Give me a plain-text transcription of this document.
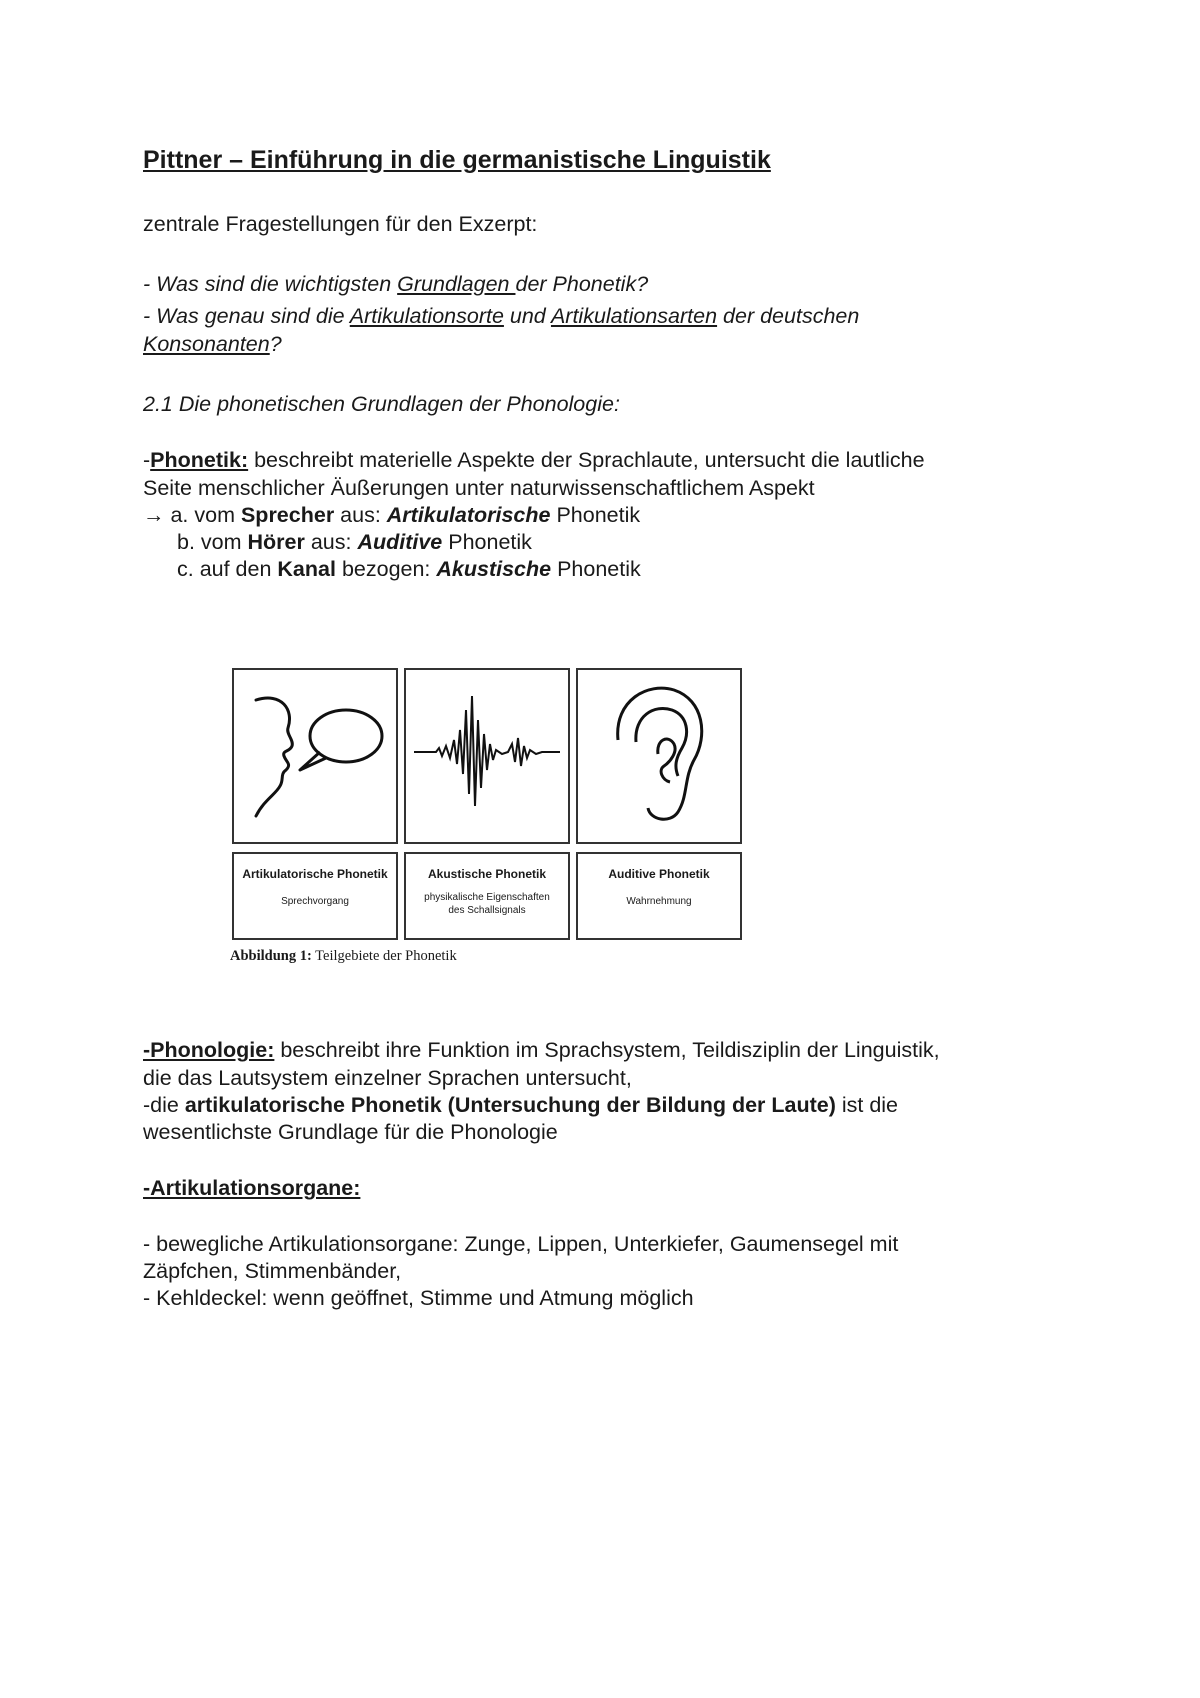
Pittner – Einführung in die germanistische Linguistik
zentrale Fragestellungen für den Exzerpt:
- Was sind die wichtigsten Grundlagen der Phonetik?
- Was genau sind die Artikulationsorte und Artikulationsarten der deutschen
Konsonanten?
2.1 Die phonetischen Grundlagen der Phonologie:
-Phonetik: beschreibt materielle Aspekte der Sprachlaute, untersucht die lautliche
Seite menschlicher Äußerungen unter naturwissenschaftlichem Aspekt
→ a. vom Sprecher aus: Artikulatorische Phonetik
b. vom Hörer aus: Auditive Phonetik
c. auf den Kanal bezogen: Akustische Phonetik
Artikulatorische Phonetik
Sprechvorgang
Akustische Phonetik
physikalische Eigenschaften
des Schallsignals
Auditive Phonetik
Wahrnehmung
Abbildung 1: Teilgebiete der Phonetik
-Phonologie: beschreibt ihre Funktion im Sprachsystem, Teildisziplin der Linguistik,
die das Lautsystem einzelner Sprachen untersucht,
-die artikulatorische Phonetik (Untersuchung der Bildung der Laute) ist die
wesentlichste Grundlage für die Phonologie
-Artikulationsorgane:
- bewegliche Artikulationsorgane: Zunge, Lippen, Unterkiefer, Gaumensegel mit
Zäpfchen, Stimmenbänder,
- Kehldeckel: wenn geöffnet, Stimme und Atmung möglich
